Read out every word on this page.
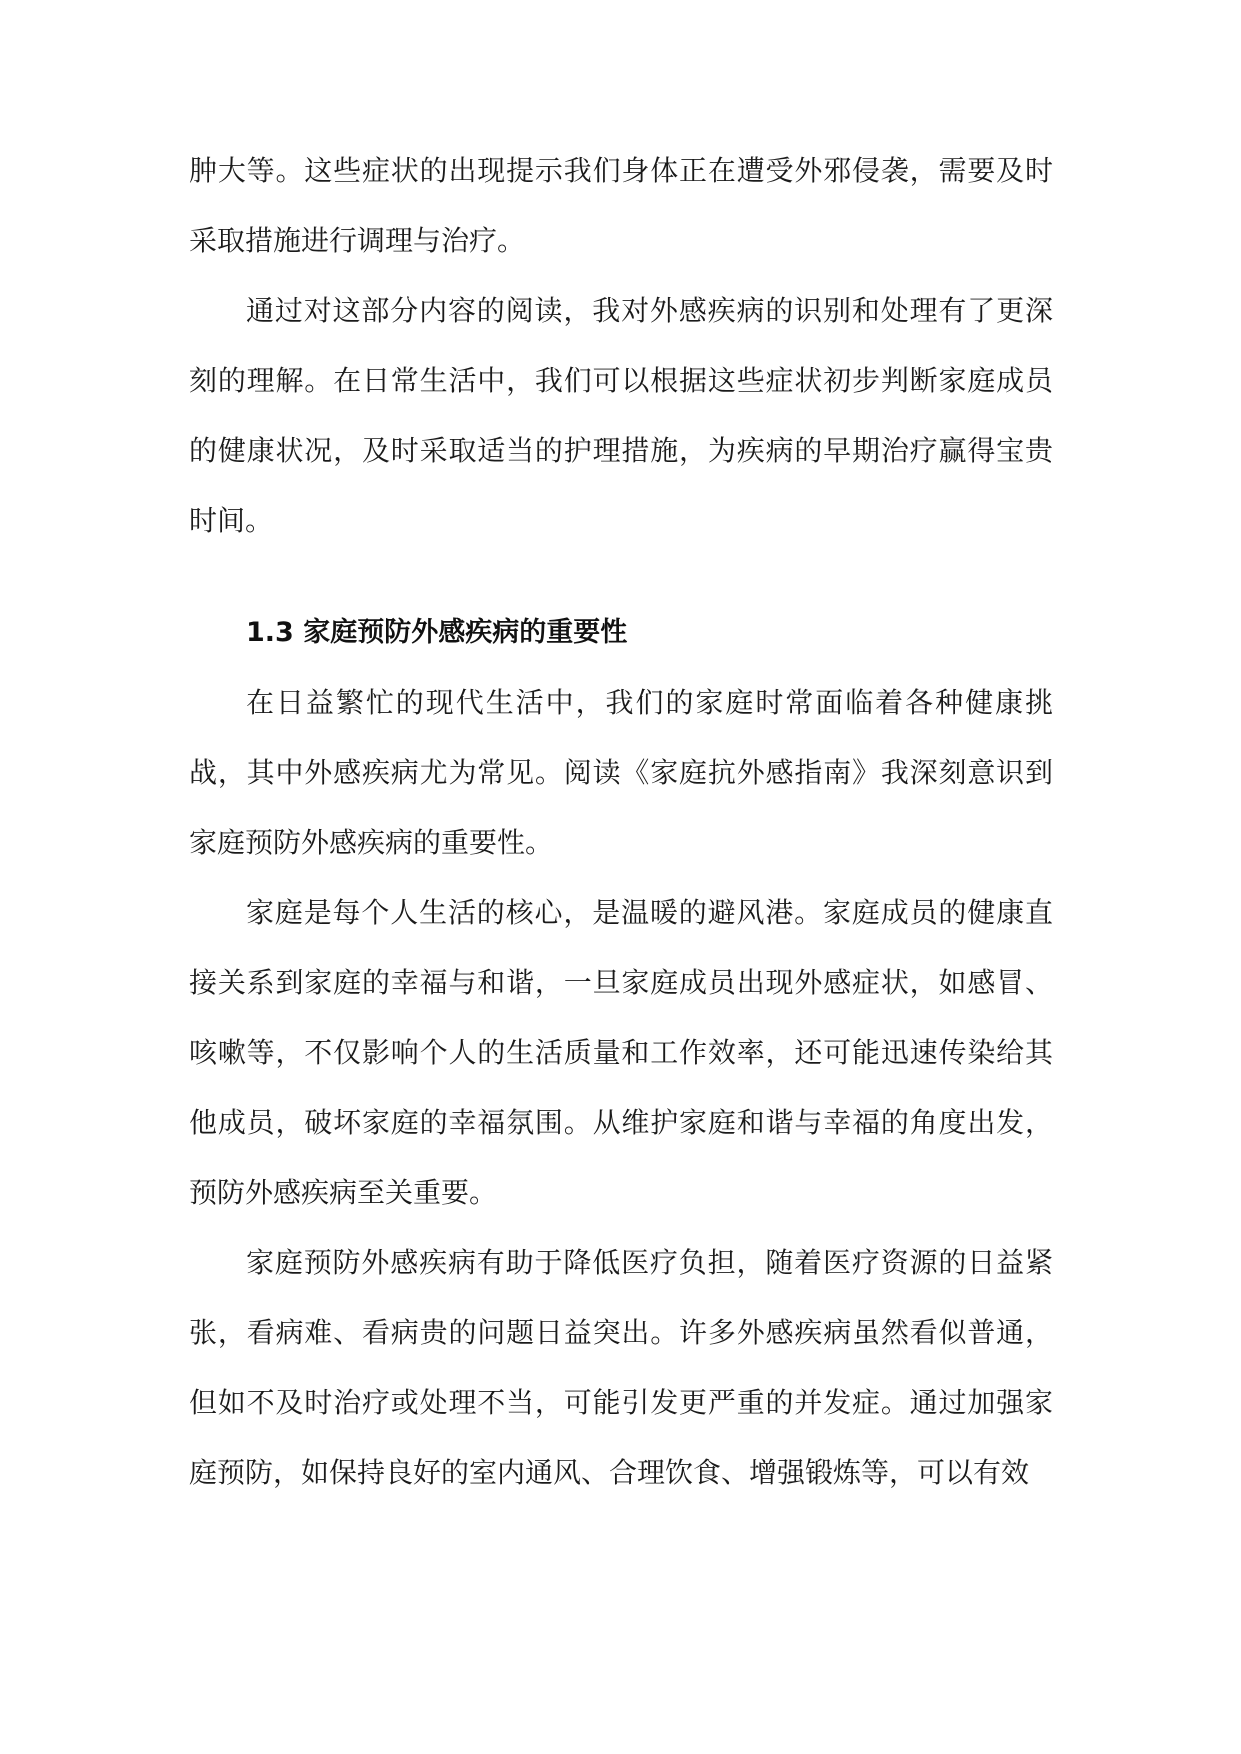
肿大等。这些症状的出现提示我们身体正在遭受外邪侵袭，需要及时采取措施进行调理与治疗。

通过对这部分内容的阅读，我对外感疾病的识别和处理有了更深刻的理解。在日常生活中，我们可以根据这些症状初步判断家庭成员的健康状况，及时采取适当的护理措施，为疾病的早期治疗赢得宝贵时间。

1.3 家庭预防外感疾病的重要性

在日益繁忙的现代生活中，我们的家庭时常面临着各种健康挑战，其中外感疾病尤为常见。阅读《家庭抗外感指南》我深刻意识到家庭预防外感疾病的重要性。

家庭是每个人生活的核心，是温暖的避风港。家庭成员的健康直接关系到家庭的幸福与和谐，一旦家庭成员出现外感症状，如感冒、咳嗽等，不仅影响个人的生活质量和工作效率，还可能迅速传染给其他成员，破坏家庭的幸福氛围。从维护家庭和谐与幸福的角度出发，预防外感疾病至关重要。

家庭预防外感疾病有助于降低医疗负担，随着医疗资源的日益紧张，看病难、看病贵的问题日益突出。许多外感疾病虽然看似普通，但如不及时治疗或处理不当，可能引发更严重的并发症。通过加强家庭预防，如保持良好的室内通风、合理饮食、增强锻炼等，可以有效
